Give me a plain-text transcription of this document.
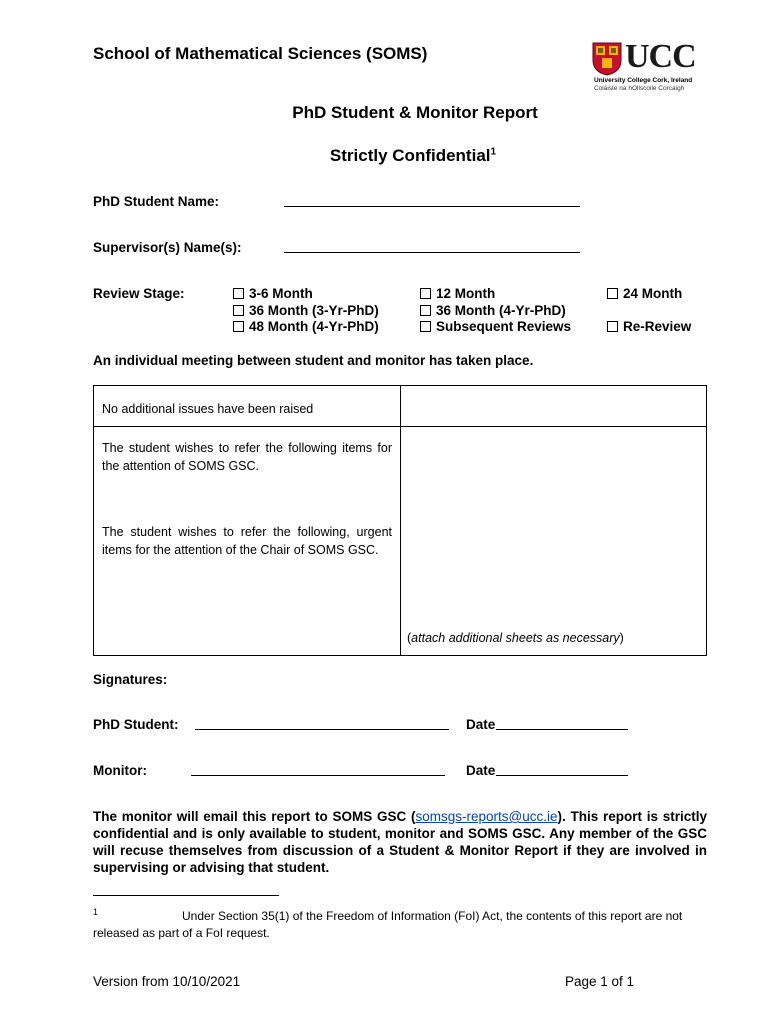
School of Mathematical Sciences (SOMS)	UCC
University College Cork, Ireland
Coláiste na hOllscoile Corcaigh
PhD Student & Monitor Report
Strictly Confidential$^1$
PhD Student Name:
Supervisor(s) Name(s):
Review Stage:	3-6 Month
36 Month (3-Yr-PhD)
48 Month (4-Yr-PhD)
12 Month
36 Month (4-Yr-PhD)
Subsequent Reviews
24 Month
Re-Review
An individual meeting between student and monitor has taken place.
No additional issues have been raised	

The student wishes to refer the following items for the attention of SOMS GSC.
The student wishes to refer the following, urgent items for the attention of the Chair of SOMS GSC.	(attach additional sheets as necessary)
Signatures:
PhD Student:	Date
Monitor:	Date
The monitor will email this report to SOMS GSC (somsgs-reports@ucc.ie). This report is strictly confidential and is only available to student, monitor and SOMS GSC. Any member of the GSC will recuse themselves from discussion of a Student & Monitor Report if they are involved in supervising or advising that student.
$^1$	Under Section 35(1) of the Freedom of Information (FoI) Act, the contents of this report are not released as part of a FoI request.
Version from 10/10/2021	Page 1 of 1
